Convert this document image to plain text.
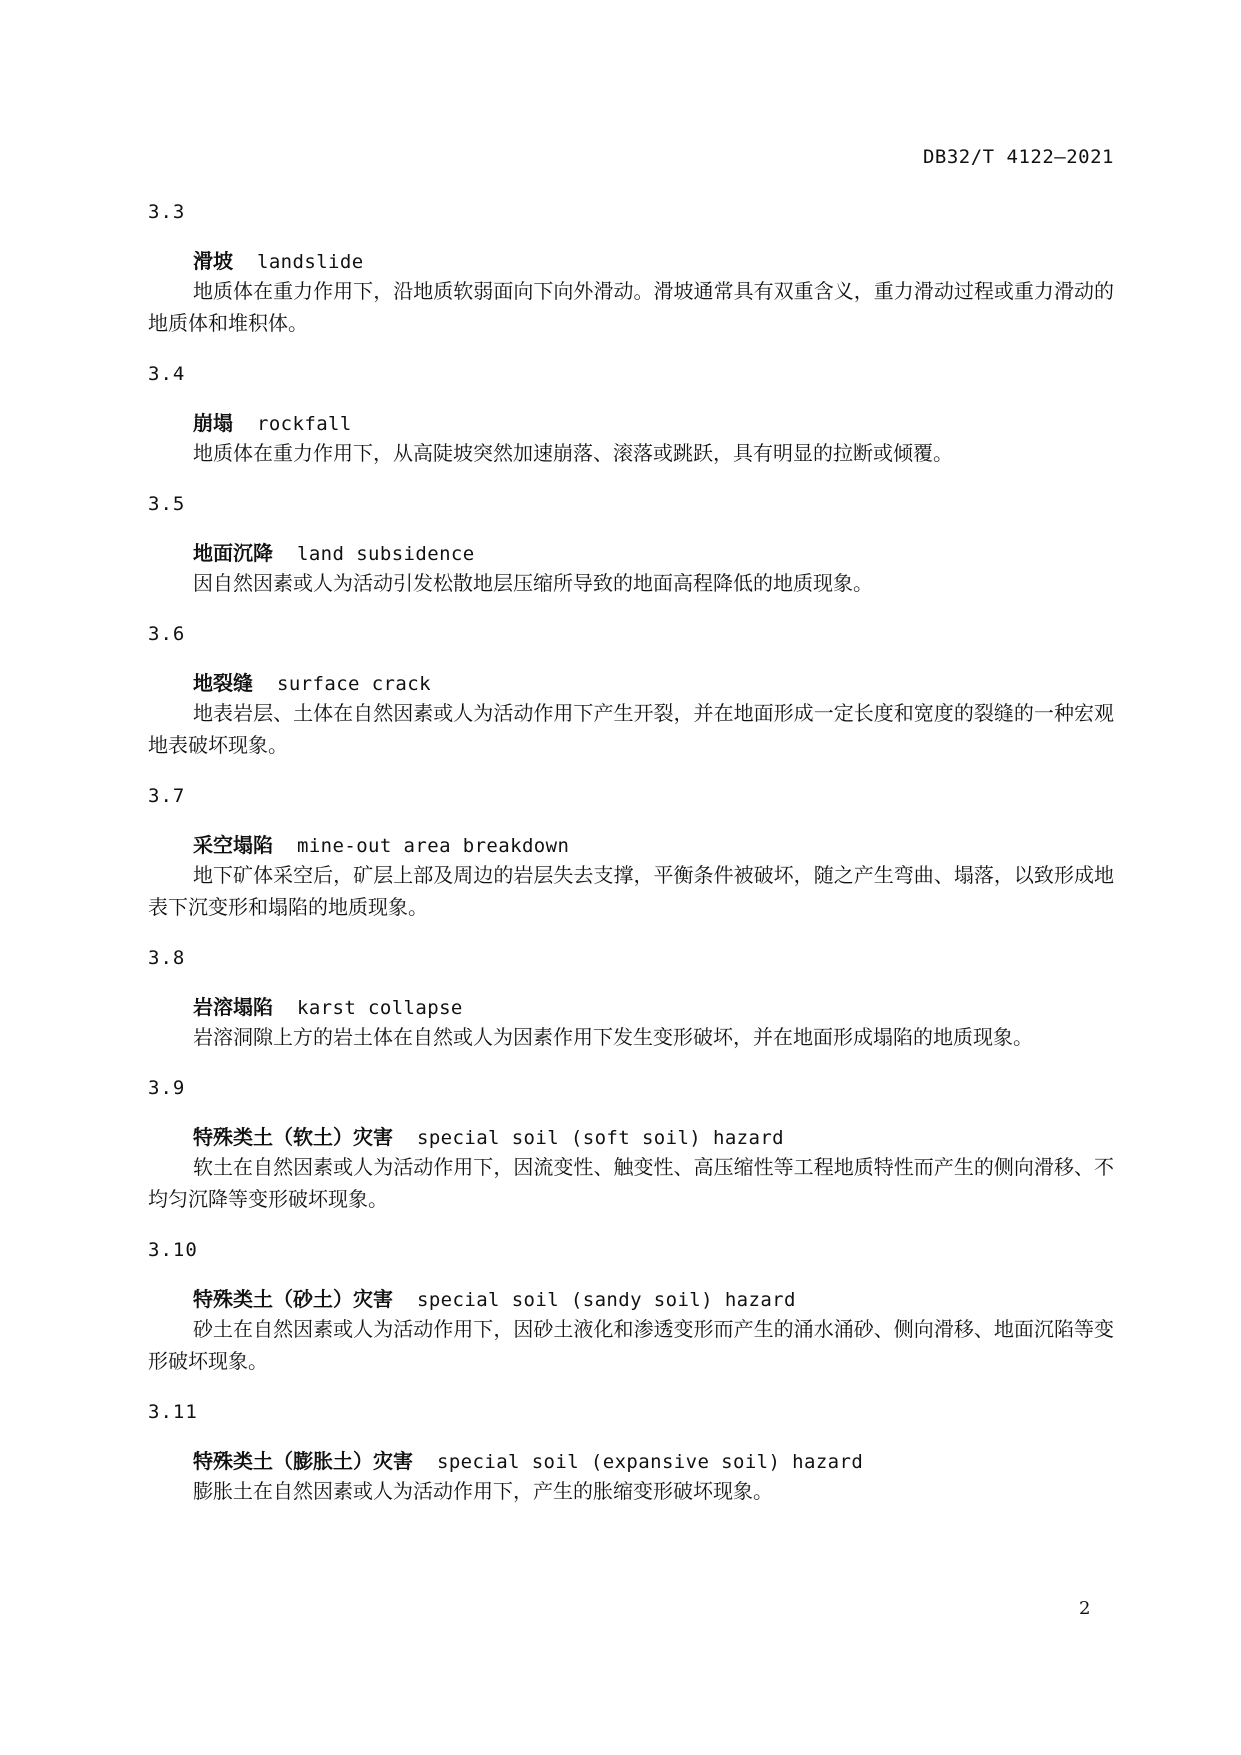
DB32/T 4122—2021
3.3
滑坡 landslide

地质体在重力作用下，沿地质软弱面向下向外滑动。滑坡通常具有双重含义，重力滑动过程或重力滑动的地质体和堆积体。

3.4
崩塌 rockfall

地质体在重力作用下，从高陡坡突然加速崩落、滚落或跳跃，具有明显的拉断或倾覆。

3.5
地面沉降 land subsidence

因自然因素或人为活动引发松散地层压缩所导致的地面高程降低的地质现象。

3.6
地裂缝 surface crack

地表岩层、土体在自然因素或人为活动作用下产生开裂，并在地面形成一定长度和宽度的裂缝的一种宏观地表破坏现象。

3.7
采空塌陷 mine-out area breakdown

地下矿体采空后，矿层上部及周边的岩层失去支撑，平衡条件被破坏，随之产生弯曲、塌落，以致形成地表下沉变形和塌陷的地质现象。

3.8
岩溶塌陷 karst collapse

岩溶洞隙上方的岩土体在自然或人为因素作用下发生变形破坏，并在地面形成塌陷的地质现象。

3.9
特殊类土（软土）灾害 special soil (soft soil) hazard

软土在自然因素或人为活动作用下，因流变性、触变性、高压缩性等工程地质特性而产生的侧向滑移、不均匀沉降等变形破坏现象。

3.10
特殊类土（砂土）灾害 special soil (sandy soil) hazard

砂土在自然因素或人为活动作用下，因砂土液化和渗透变形而产生的涌水涌砂、侧向滑移、地面沉陷等变形破坏现象。

3.11
特殊类土（膨胀土）灾害 special soil (expansive soil) hazard

膨胀土在自然因素或人为活动作用下，产生的胀缩变形破坏现象。

2
